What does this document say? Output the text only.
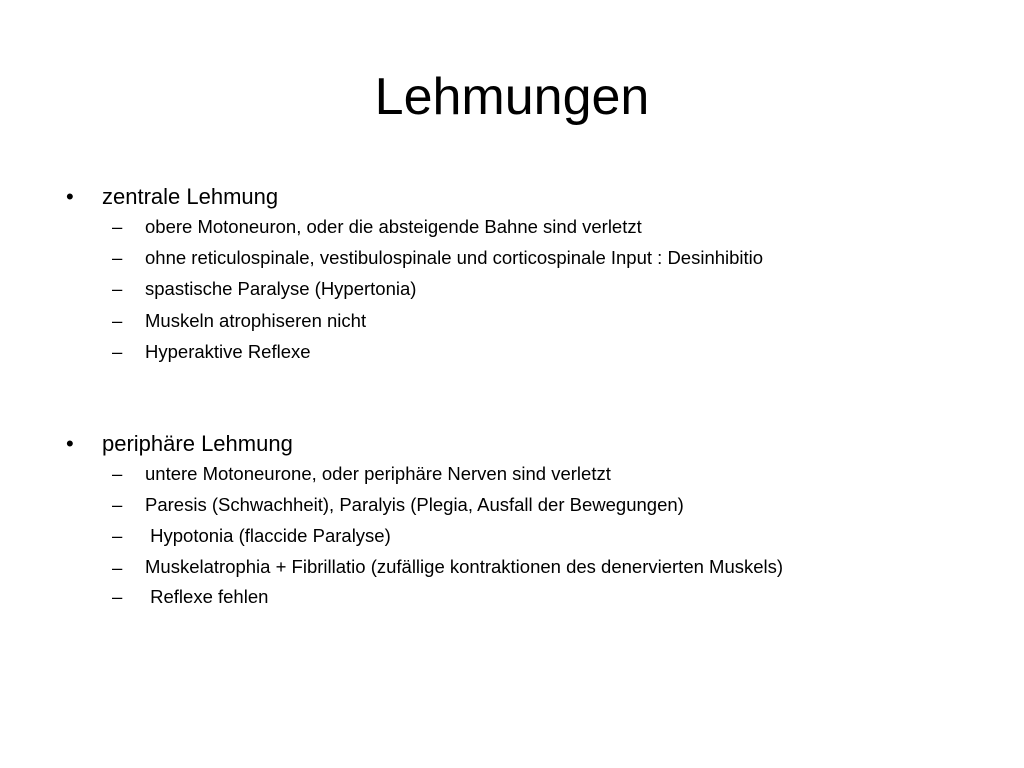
Lehmungen
• zentrale Lehmung
– obere Motoneuron, oder die absteigende Bahne sind verletzt
– ohne reticulospinale, vestibulospinale und corticospinale Input : Desinhibitio
– spastische Paralyse (Hypertonia)
– Muskeln atrophiseren nicht
– Hyperaktive Reflexe
• periphäre Lehmung
– untere Motoneurone, oder periphäre Nerven sind verletzt
– Paresis (Schwachheit), Paralyis (Plegia, Ausfall der Bewegungen)
– Hypotonia (flaccide Paralyse)
– Muskelatrophia + Fibrillatio (zufällige kontraktionen des denervierten Muskels)
– Reflexe fehlen
